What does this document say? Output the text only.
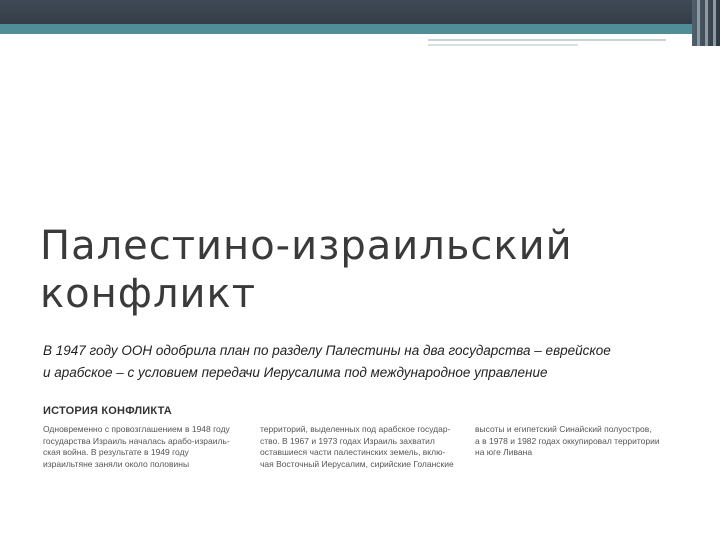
Палестино-израильский
конфликт

В 1947 году ООН одобрила план по разделу Палестины на два государства – еврейское
и арабское – с условием передачи Иерусалима под международное управление

ИСТОРИЯ КОНФЛИКТА
Одновременно с провозглашением в 1948 году
государства Израиль началась арабо-израиль-
ская война. В результате в 1949 году
израильтяне заняли около половины
территорий, выделенных под арабское государ-
ство. В 1967 и 1973 годах Израиль захватил
оставшиеся части палестинских земель, вклю-
чая Восточный Иерусалим, сирийские Голанские
высоты и египетский Синайский полуостров,
а в 1978 и 1982 годах оккупировал территории
на юге Ливана
